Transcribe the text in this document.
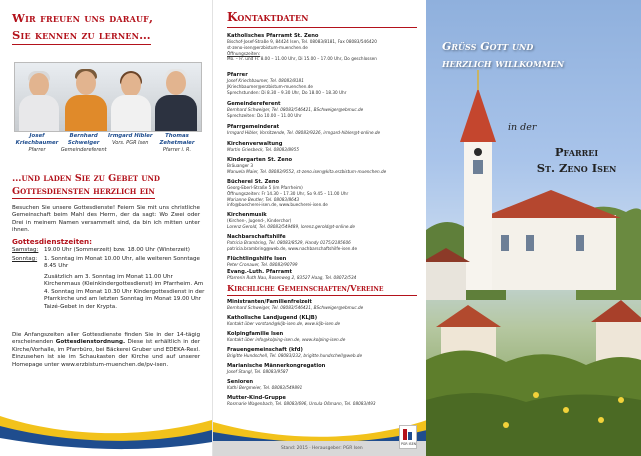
Wir freuen uns darauf,
Sie kennen zu lernen…
Josef Kriechbaumer
Pfarrer
Bernhard Schweiger
Gemeindereferent
Irmgard Hibler
Vors. PGR Isen
Thomas Zehetmaier
Pfarrer i. R.
…und laden Sie zu Gebet und
Gottesdiensten herzlich ein
Besuchen Sie unsere Gottesdienste! Feiern Sie mit uns christliche Gemeinschaft beim Mahl des Herrn, der da sagt: Wo Zwei oder Drei in meinem Namen versammelt sind, da bin ich mitten unter ihnen.
Gottesdienstzeiten:
Samstag: 19.00 Uhr (Sommerzeit) bzw. 18.00 Uhr (Winterzeit)
Sonntag:	1. Sonntag im Monat 10.00 Uhr, alle weiteren Sonntage 8.45 Uhr
Zusätzlich am 3. Sonntag im Monat 11.00 Uhr Kirchenmaus (Kleinkindergottesdienst) im Pfarrheim. Am 4. Sonntag im Monat 10.30 Uhr Kindergottesdienst in der Pfarrkirche und am letzten Sonntag im Monat 19.00 Uhr Taizé-Gebet in der Krypta.
Die Anfangszeiten aller Gottesdienste finden Sie in der 14-tägig erscheinenden Gottesdienstordnung. Diese ist erhältlich in der Kirche/Vorhalle, im Pfarrbüro, bei Bäckerei Gruber und EDEKA-Rexl. Einzusehen ist sie im Schaukasten der Kirche und auf unserer Homepage unter www.erzbistum-muenchen.de/pv-isen.
Kontaktdaten
Katholisches Pfarramt St. Zeno
Bischof-Josef-Straße 9, 84424 Isen, Tel. 08083/8181, Fax 08083/546420
st-zeno-isen@erzbistum-muenchen.de
Öffnungszeiten:
Mo. – Fr. und Fr. 8.00 – 11.00 Uhr, Di 15.00 – 17.00 Uhr, Do geschlossen
Pfarrer
Josef Kriechbaumer, Tel. 08083/8181
JKriechbaumer@erzbistum-muenchen.de
Sprechstunden: Di 8.30 – 9.30 Uhr, Do 18.00 – 18.30 Uhr
Gemeindereferent
Bernhard Schweiger, Tel. 08083/546421, BSchweiger@ebmuc.de
Sprechzeiten: Do 10.00 – 11.00 Uhr
Pfarrgemeinderat
Irmgard Hibler, Vorsitzende, Tel. 08083/9226, irmgard-hibler@t-online.de
Kirchenverwaltung
Martin Griesbeck, Tel. 08083/8955
Kindergarten St. Zeno
Bräuanger 3
Manuela Maier, Tel. 08083/9552, st-zeno.isen@kita.erzbistum-muenchen.de
Bücherei St. Zeno
Georg-Eberl-Straße 5 (im Pfarrheim)
Öffnungszeiten: Fr 14.30 – 17.30 Uhr, So 9.45 – 11.00 Uhr
Marianne Beutler, Tel. 08083/8643
info@buecherei-isen.de, www.buecherei-isen.de
Kirchenmusik
(Kirchen-, Jugend-, Kinderchor)
Lorenz Gerold, Tel. 08083/549489, lorenz.gerold@t-online.de
Nachbarschaftshilfe
Patricia Brambring, Tel. 08083/8529, Handy 0175/2185606
patricia.brambring@web.de, www.nachbarschaftshilfe-isen.de
Flüchtlingshilfe Isen
Peter Cronauer, Tel. 08083/90799
Evang.-Luth. Pfarramt
Pfarrerin Ruth Nau, Rosenweg 2, 83527 Haag, Tel. 08072/534
Kirchliche Gemeinschaften/Vereine
Ministranten/Familienfreizeit
Bernhard Schweiger, Tel. 08083/546421, BSchweiger@ebmuc.de
Katholische Landjugend (KLJB)
Kontakt über vorstand@kljb-isen.de, www.kljb-isen.de
Kolpingfamilie Isen
Kontakt über info@kolping-isen.de, www.kolping-isen.de
Frauengemeinschaft (kfd)
Brigitte Hundschell, Tel. 08083/232, brigitte.hundschell@web.de
Marianische Männerkongregation
Josef Stangl, Tel. 08083/9587
Senioren
Kathi Bergmeier, Tel. 08083/549891
Mutter-Kind-Gruppe
Rosmarie Wagenbach, Tel. 08083/696, Ursula Oßmann, Tel. 08083/493
Stand: 2015 · Herausgeber: PGR Isen
PGR ISEN
Grüss Gott und
herzlich willkommen
in der
Pfarrei
St. Zeno Isen
